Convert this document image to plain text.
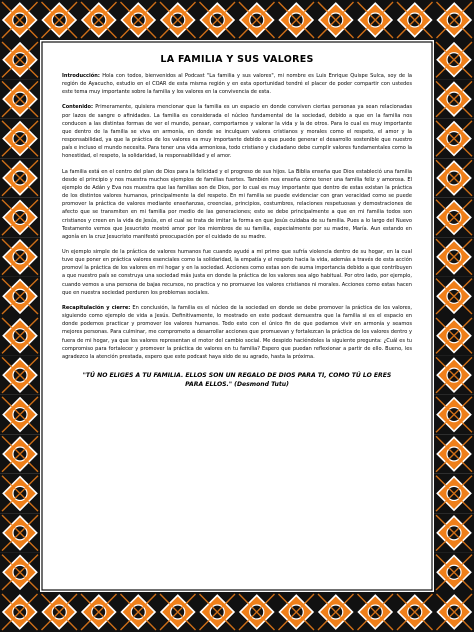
LA FAMILIA Y SUS VALORES

Introducción: Hola con todos, bienvenidos al Podcast "La familia y sus valores", mi nombre es Luis Enrique Quispe Sulca, soy de la región de Ayacucho, estudio en el COAR de esta misma región y en esta oportunidad tendré el placer de poder compartir con ustedes este tema muy importante sobre la familia y los valores en la convivencia de esta.

Contenido: Primeramente, quisiera mencionar que la familia es un espacio en donde conviven ciertas personas ya sean relacionadas por lazos de sangre o afinidades. La familia es considerada el núcleo fundamental de la sociedad, debido a que en la familia nos conducen a las distintas formas de ver el mundo, pensar, comportarnos y valorar la vida y la de otros. Para lo cual es muy importante que dentro de la familia se viva en armonía, en donde se inculquen valores cristianos y morales como el respeto, el amor y la responsabilidad, ya que la práctica de los valores es muy importante debido a que puede generar el desarrollo sostenible que nuestro país e incluso el mundo necesita. Para tener una vida armoniosa, todo cristiano y ciudadano debe cumplir valores fundamentales como la honestidad, el respeto, la solidaridad, la responsabilidad y el amor.

La familia está en el centro del plan de Dios para la felicidad y el progreso de sus hijos. La Biblia enseña que Dios estableció una familia desde el principio y nos muestra muchos ejemplos de familias fuertes. También nos enseña cómo tener una familia feliz y amorosa. El ejemplo de Adán y Eva nos muestra que las familias son de Dios, por lo cual es muy importante que dentro de estas existan la práctica de los distintos valores humanos, principalmente la del respeto. En mi familia se puede evidenciar con gran veracidad como se puede promover la práctica de valores mediante enseñanzas, creencias, principios, costumbres, relaciones respetuosas y demostraciones de afecto que se transmiten en mi familia por medio de las generaciones; esto se debe principalmente a que en mi familia todos son cristianos y creen en la vida de Jesús, en el cual se trata de imitar la forma en que Jesús cuidaba de su familia. Pues a lo largo del Nuevo Testamento vemos que Jesucristo mostró amor por los miembros de su familia, especialmente por su madre, María. Aun estando en agonía en la cruz Jesucristo manifestó preocupación por el cuidado de su madre.

Un ejemplo simple de la práctica de valores humanos fue cuando ayudé a mi primo que sufría violencia dentro de su hogar, en la cual tuve que poner en práctica valores esenciales como la solidaridad, la empatía y el respeto hacia la vida, además a través de esta acción promoví la práctica de los valores en mi hogar y en la sociedad. Acciones como estas son de suma importancia debido a que contribuyen a que nuestro país se construya una sociedad más justa en donde la práctica de los valores sea algo habitual. Por otro lado, por ejemplo, cuando vemos a una persona de bajas recursos, no practica y no promueve los valores cristianos ni morales. Acciones como estas hacen que en nuestra sociedad perduren los problemas sociales.

Recapitulación y cierre: En conclusión, la familia es el núcleo de la sociedad en donde se debe promover la práctica de los valores, siguiendo como ejemplo de vida a Jesús. Definitivamente, lo mostrado en este podcast demuestra que la familia si es el espacio en donde podemos practicar y promover los valores humanos. Todo esto con el único fin de que podamos vivir en armonía y seamos mejores personas. Para culminar, me comprometo a desarrollar acciones que promuevan y fortalezcan la práctica de los valores dentro y fuera de mi hogar, ya que los valores representan el motor del cambio social. Me despido haciéndoles la siguiente pregunta: ¿Cuál es tu compromiso para fortalecer y promover la práctica de valores en tu familia? Espero que puedan reflexionar a partir de ello. Bueno, les agradezco la atención prestada, espero que este podcast haya sido de su agrado, hasta la próxima.

"TÚ NO ELIGES A TU FAMILIA. ELLOS SON UN REGALO DE DIOS PARA TI, COMO TÚ LO ERES PARA ELLOS." (Desmond Tutu)
